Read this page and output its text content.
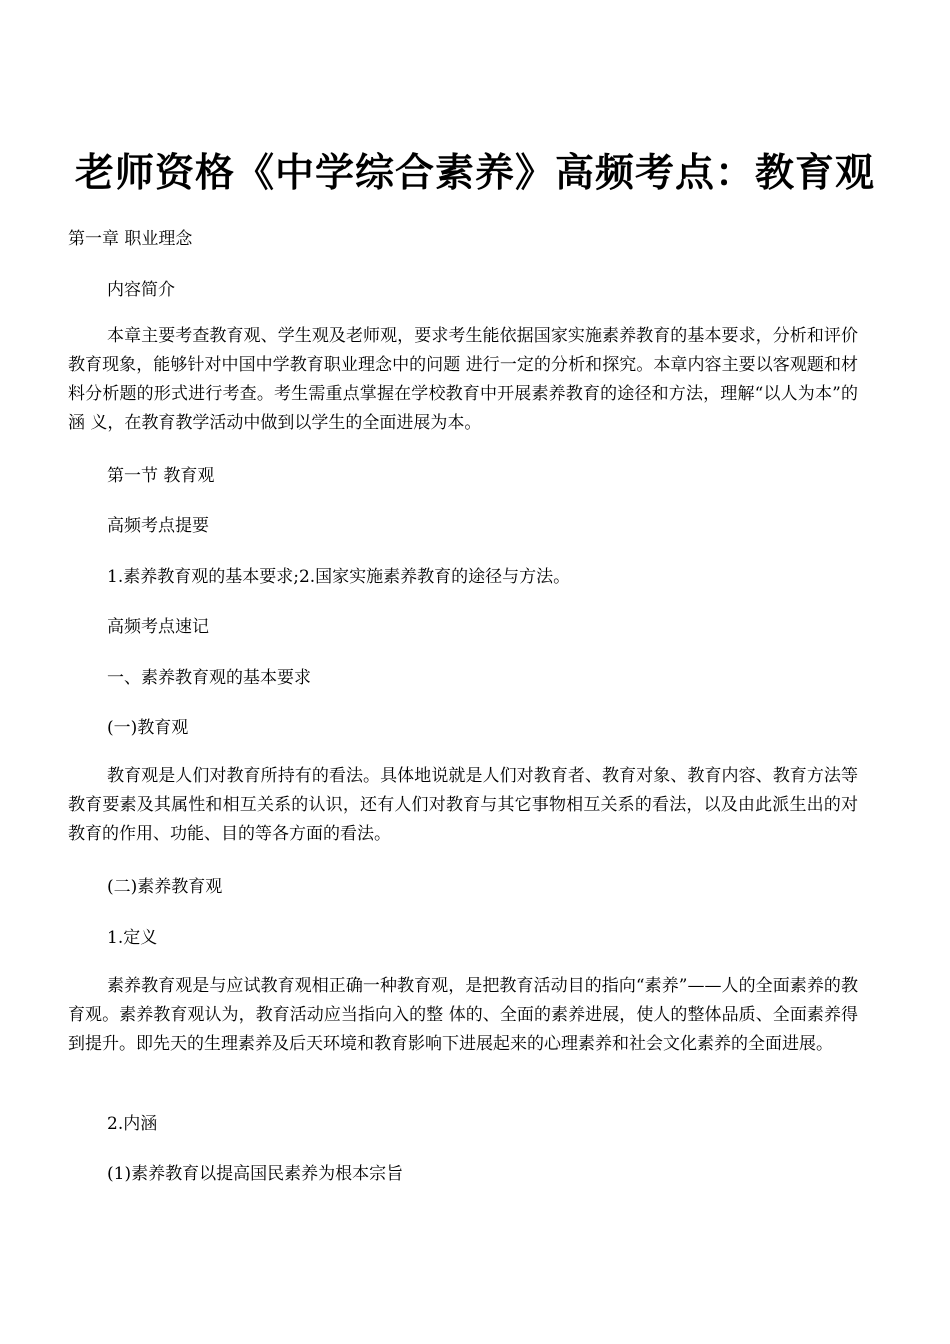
老师资格《中学综合素养》高频考点：教育观
第一章 职业理念
内容简介
本章主要考查教育观、学生观及老师观，要求考生能依据国家实施素养教育的基本要求，分析和评价教育现象，能够针对中国中学教育职业理念中的问题 进行一定的分析和探究。本章内容主要以客观题和材料分析题的形式进行考查。考生需重点掌握在学校教育中开展素养教育的途径和方法，理解“以人为本”的涵 义，在教育教学活动中做到以学生的全面进展为本。
第一节 教育观
高频考点提要
1.素养教育观的基本要求;2.国家实施素养教育的途径与方法。
高频考点速记
一、素养教育观的基本要求
(一)教育观
教育观是人们对教育所持有的看法。具体地说就是人们对教育者、教育对象、教育内容、教育方法等教育要素及其属性和相互关系的认识，还有人们对教育与其它事物相互关系的看法，以及由此派生出的对教育的作用、功能、目的等各方面的看法。
(二)素养教育观
1.定义
素养教育观是与应试教育观相正确一种教育观，是把教育活动目的指向“素养”——人的全面素养的教育观。素养教育观认为，教育活动应当指向入的整 体的、全面的素养进展，使人的整体品质、全面素养得到提升。即先天的生理素养及后天环境和教育影响下进展起来的心理素养和社会文化素养的全面进展。
2.内涵
(1)素养教育以提高国民素养为根本宗旨
